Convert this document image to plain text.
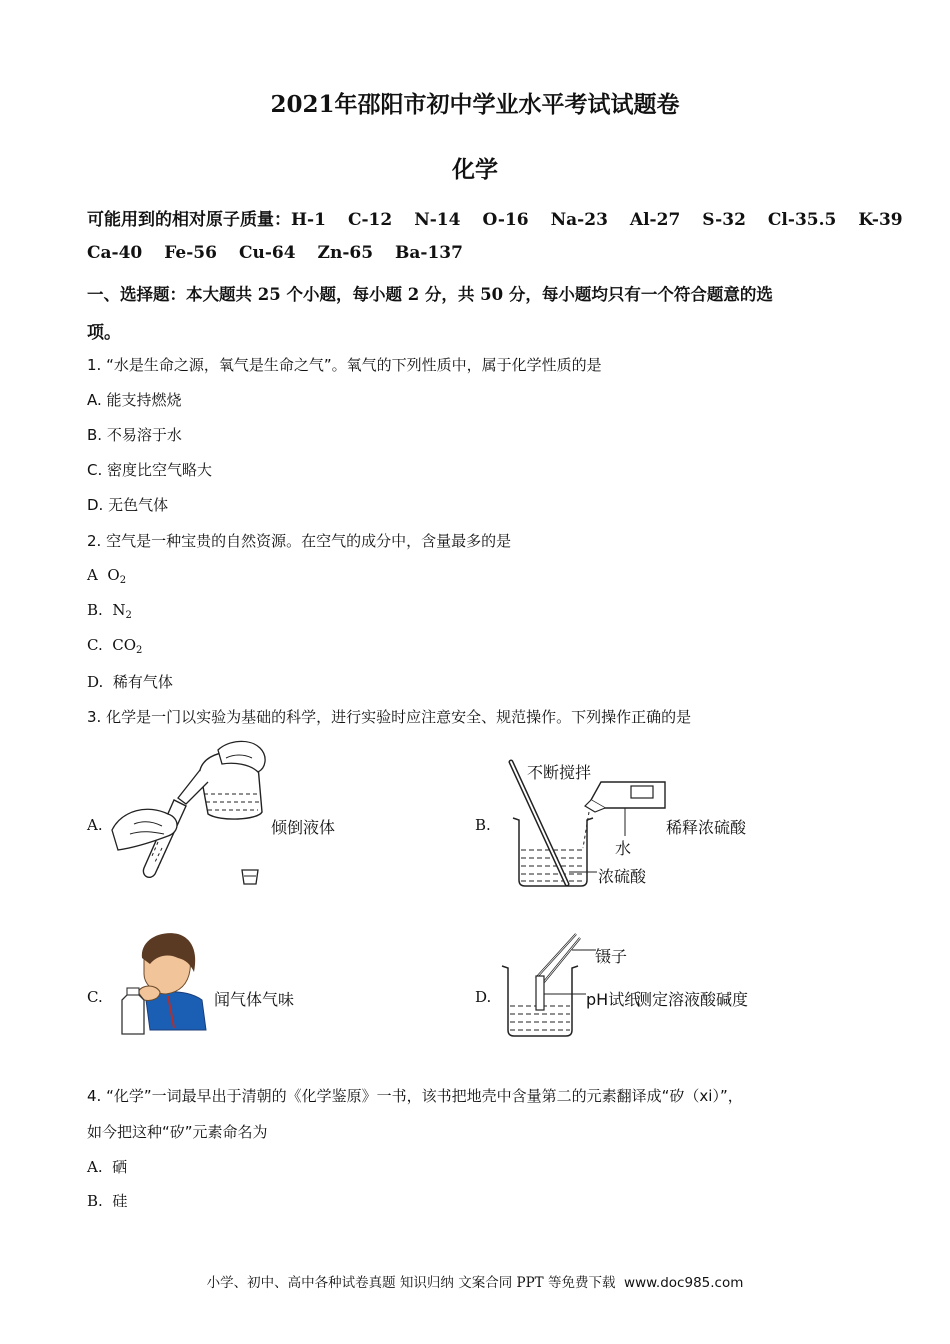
2021年邵阳市初中学业水平考试试题卷
化学
可能用到的相对原子质量：H-1 C-12 N-14 O-16 Na-23 Al-27 S-32 Cl-35.5 K-39
Ca-40 Fe-56 Cu-64 Zn-65 Ba-137
一、选择题：本大题共 25 个小题，每小题 2 分，共 50 分，每小题均只有一个符合题意的选
项。
1. “水是生命之源，氧气是生命之气”。氧气的下列性质中，属于化学性质的是
A. 能支持燃烧
B. 不易溶于水
C. 密度比空气略大
D. 无色气体
2. 空气是一种宝贵的自然资源。在空气的成分中，含量最多的是
A $O_2$
B. $N_2$
C. $CO_2$
D. 稀有气体
3. 化学是一门以实验为基础的科学，进行实验时应注意安全、规范操作。下列操作正确的是
A.	倾倒液体	B.
不断搅拌
水
浓硫酸
稀释浓硫酸
C.	闻气体气味	D.
镊子
pH试纸
测定溶液酸碱度
4. “化学”一词最早出于清朝的《化学鉴原》一书，该书把地壳中含量第二的元素翻译成“矽（xi）”，
如今把这种“矽”元素命名为
A. 硒
B. 硅
小学、初中、高中各种试卷真题 知识归纳 文案合同 PPT 等免费下载 www.doc985.com
